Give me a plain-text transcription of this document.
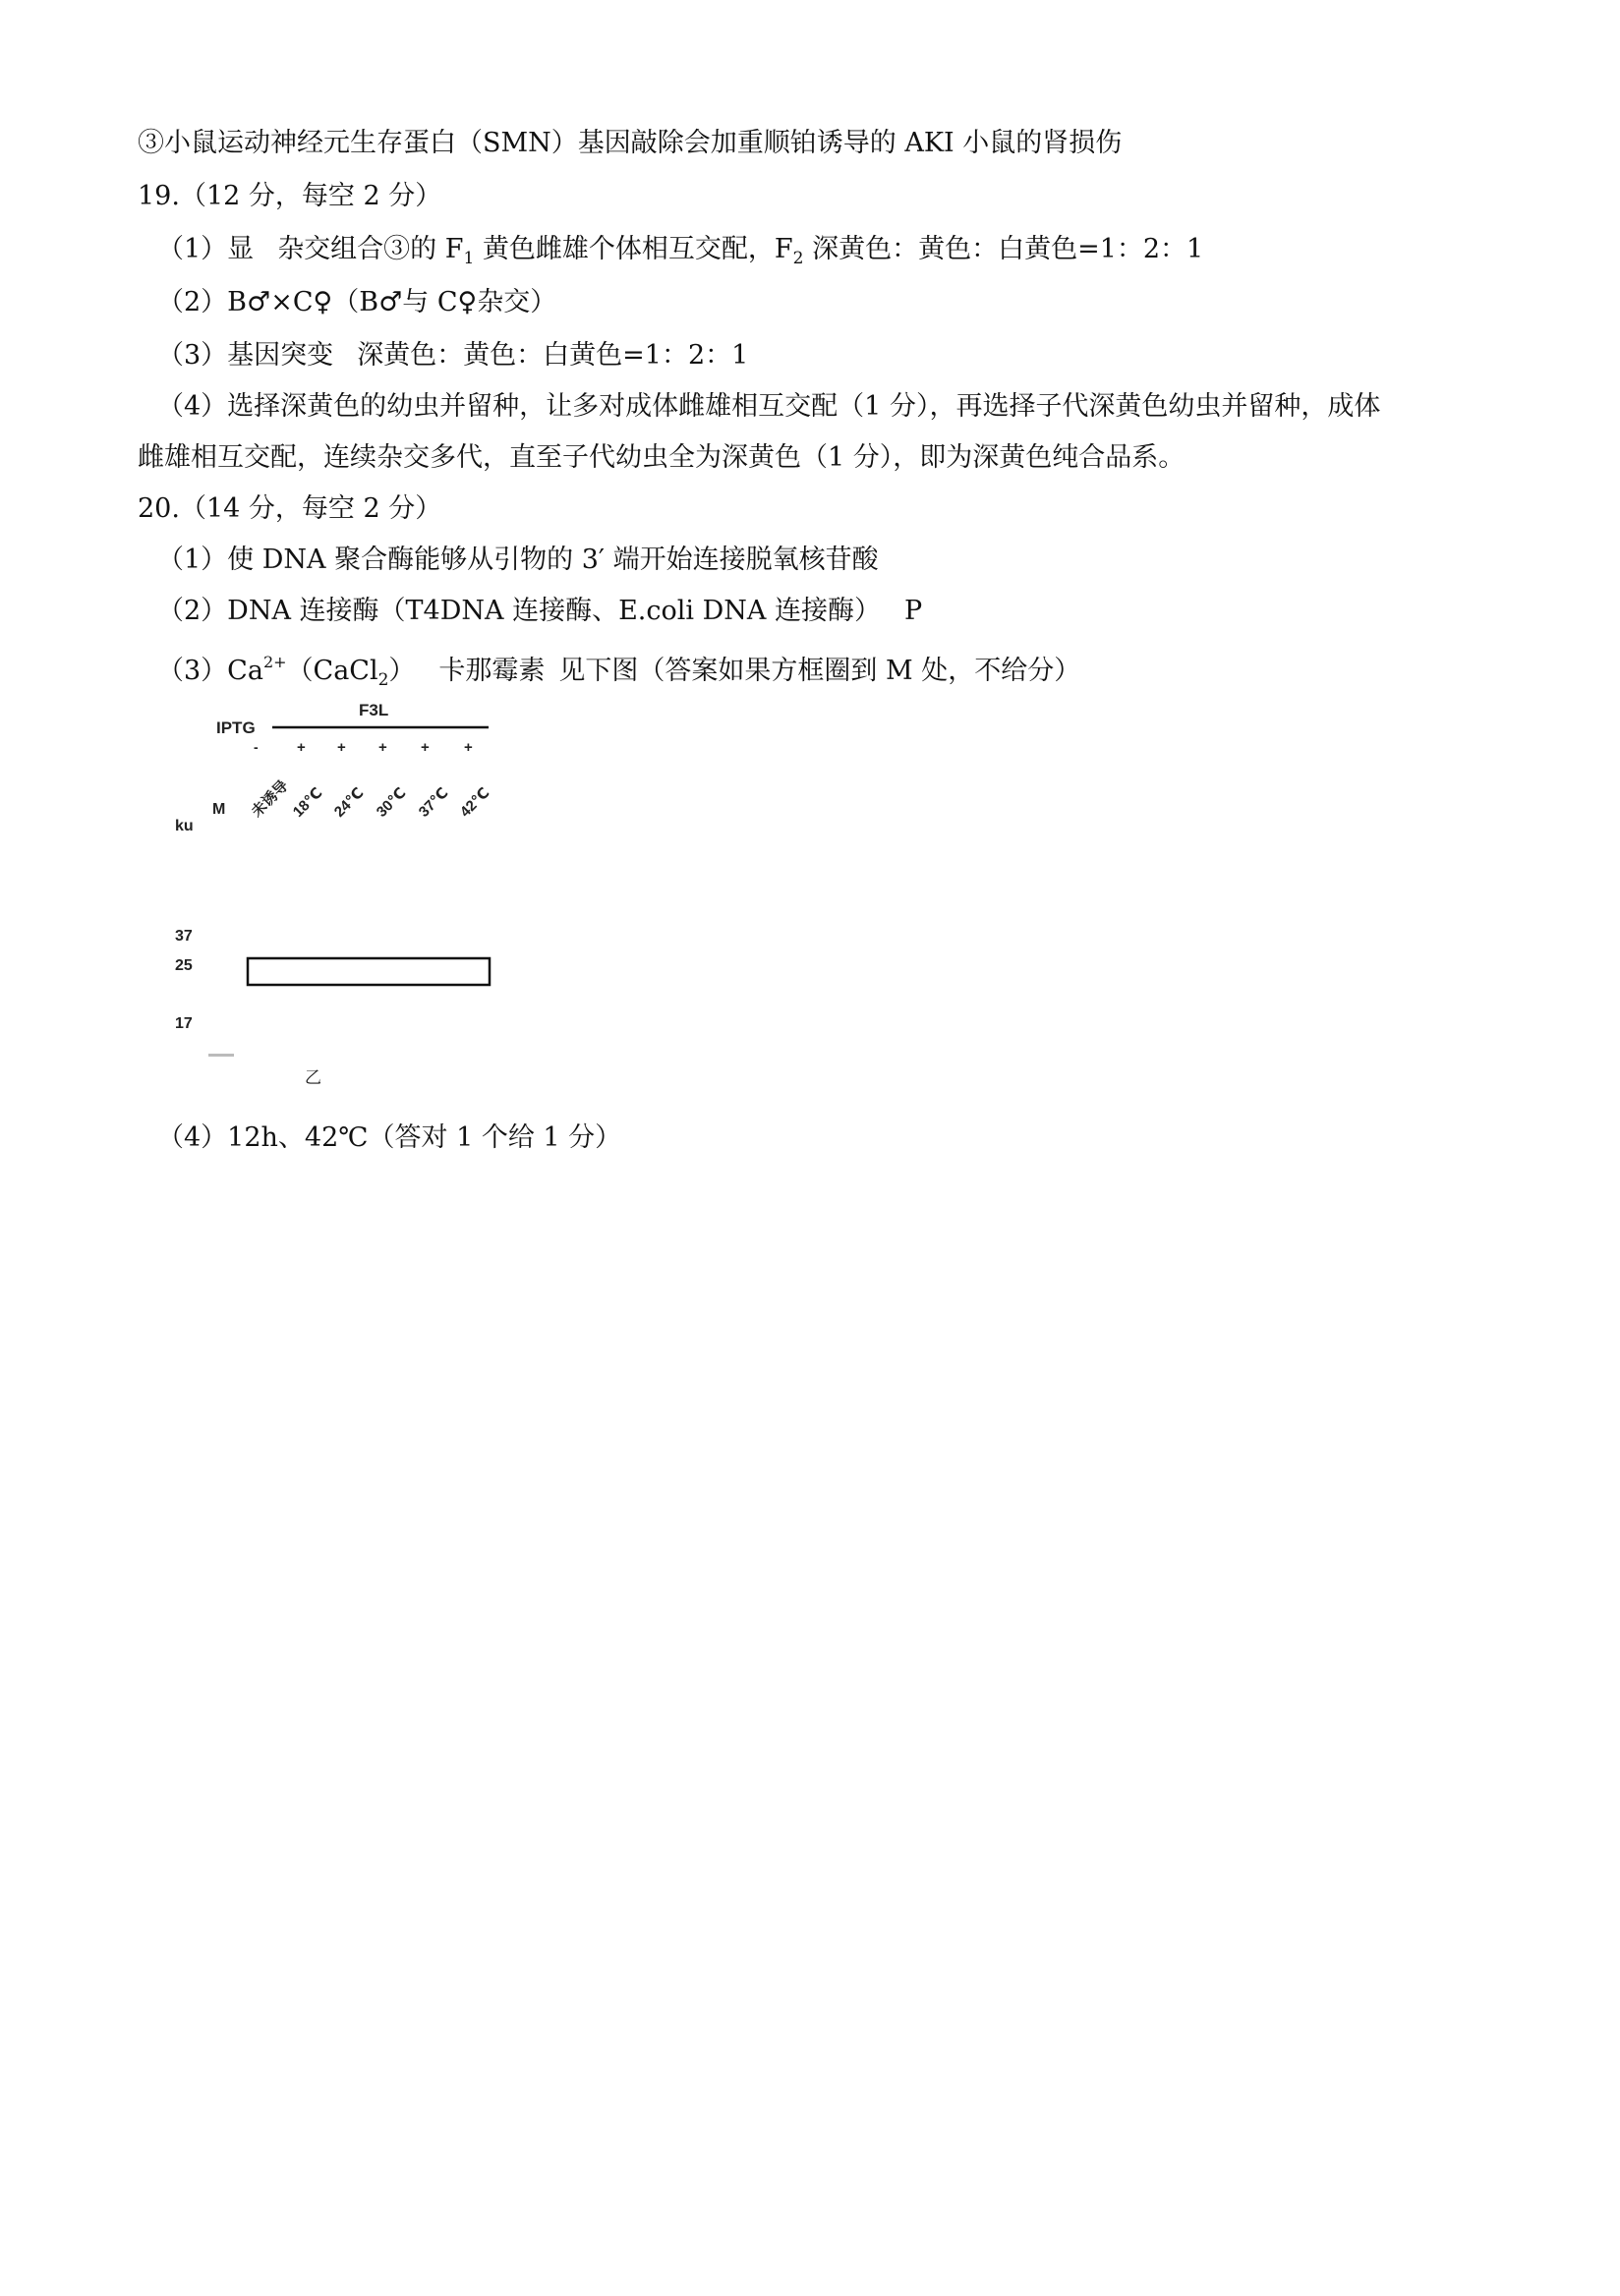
③小鼠运动神经元生存蛋白（SMN）基因敲除会加重顺铂诱导的 AKI 小鼠的肾损伤
19.（12 分，每空 2 分）
（1）显 杂交组合③的 $F_1$ 黄色雌雄个体相互交配，$F_2$ 深黄色：黄色：白黄色=1：2：1
（2）B♂×C♀（B♂与 C♀杂交）
（3）基因突变 深黄色：黄色：白黄色=1：2：1
（4）选择深黄色的幼虫并留种，让多对成体雌雄相互交配（1 分），再选择子代深黄色幼虫并留种，成体
雌雄相互交配，连续杂交多代，直至子代幼虫全为深黄色（1 分），即为深黄色纯合品系。
20.（14 分，每空 2 分）
（1）使 DNA 聚合酶能够从引物的 3′ 端开始连接脱氧核苷酸
（2）DNA 连接酶（T4DNA 连接酶、E.coli DNA 连接酶） P
$(3)Ca^{2+}(CaCl_2)$ 卡那霉素 见下图（答案如果方框圈到 M 处，不给分）
IPTG
F3L
-	+ + + + +
ku
M 未诱导
18℃ 24℃ 30℃ 37℃ 42℃
37
25
17
乙
（4）12h、42℃（答对 1 个给 1 分）
